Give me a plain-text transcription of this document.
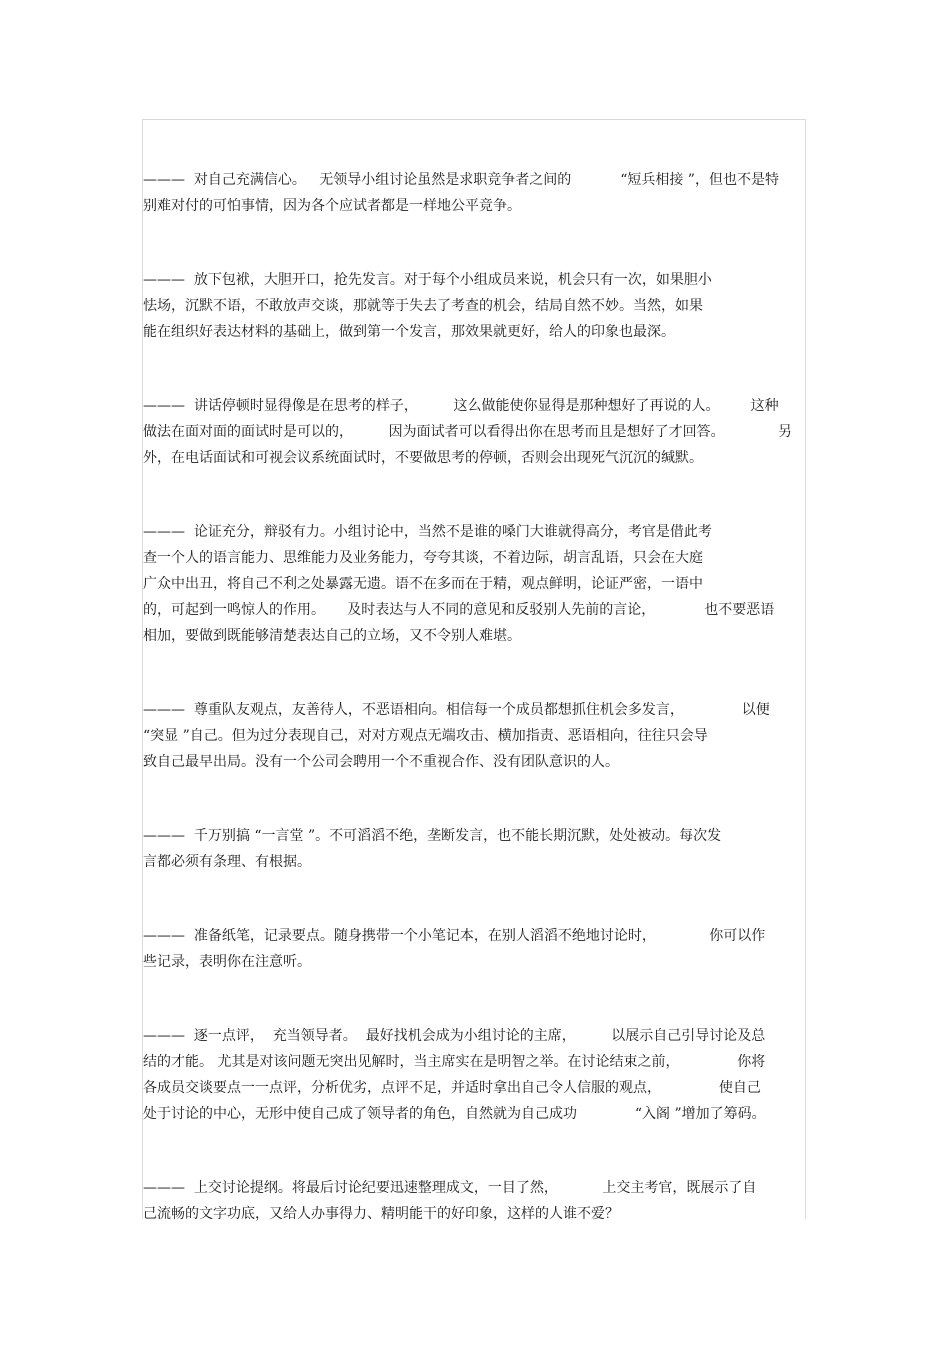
———  对自己充满信心。   无领导小组讨论虽然是求职竞争者之间的           “短兵相接 ”，但也不是特
别难对付的可怕事情，因为各个应试者都是一样地公平竞争。

———  放下包袱，大胆开口，抢先发言。对于每个小组成员来说，机会只有一次，如果胆小
怯场，沉默不语，不敢放声交谈，那就等于失去了考查的机会，结局自然不妙。当然，如果
能在组织好表达材料的基础上，做到第一个发言，那效果就更好，给人的印象也最深。

———  讲话停顿时显得像是在思考的样子，        这么做能使你显得是那种想好了再说的人。       这种
做法在面对面的面试时是可以的，        因为面试者可以看得出你在思考而且是想好了才回答。            另
外，在电话面试和可视会议系统面试时，不要做思考的停顿，否则会出现死气沉沉的缄默。

———  论证充分，辩驳有力。小组讨论中，当然不是谁的嗓门大谁就得高分，考官是借此考
查一个人的语言能力、思维能力及业务能力，夸夸其谈，不着边际，胡言乱语，只会在大庭
广众中出丑，将自己不利之处暴露无遗。语不在多而在于精，观点鲜明，论证严密，一语中
的，可起到一鸣惊人的作用。     及时表达与人不同的意见和反驳别人先前的言论，           也不要恶语
相加，要做到既能够清楚表达自己的立场，又不令别人难堪。

———  尊重队友观点，友善待人，不恶语相向。相信每一个成员都想抓住机会多发言，             以便
“突显 ”自己。但为过分表现自己，对对方观点无端攻击、横加指责、恶语相向，往往只会导
致自己最早出局。没有一个公司会聘用一个不重视合作、没有团队意识的人。

———  千万别搞 “一言堂 ”。不可滔滔不绝，垄断发言，也不能长期沉默，处处被动。每次发
言都必须有条理、有根据。

———  准备纸笔，记录要点。随身携带一个小笔记本，在别人滔滔不绝地讨论时，            你可以作
些记录，表明你在注意听。

———  逐一点评，  充当领导者。  最好找机会成为小组讨论的主席，        以展示自己引导讨论及总
结的才能。 尤其是对该问题无突出见解时，当主席实在是明智之举。在讨论结束之前，             你将
各成员交谈要点一一点评，分析优劣，点评不足，并适时拿出自己令人信服的观点，             使自己
处于讨论的中心，无形中使自己成了领导者的角色，自然就为自己成功             “入阁 ”增加了筹码。

———  上交讨论提纲。将最后讨论纪要迅速整理成文，一目了然，          上交主考官，既展示了自
己流畅的文字功底，又给人办事得力、精明能干的好印象，这样的人谁不爱？
